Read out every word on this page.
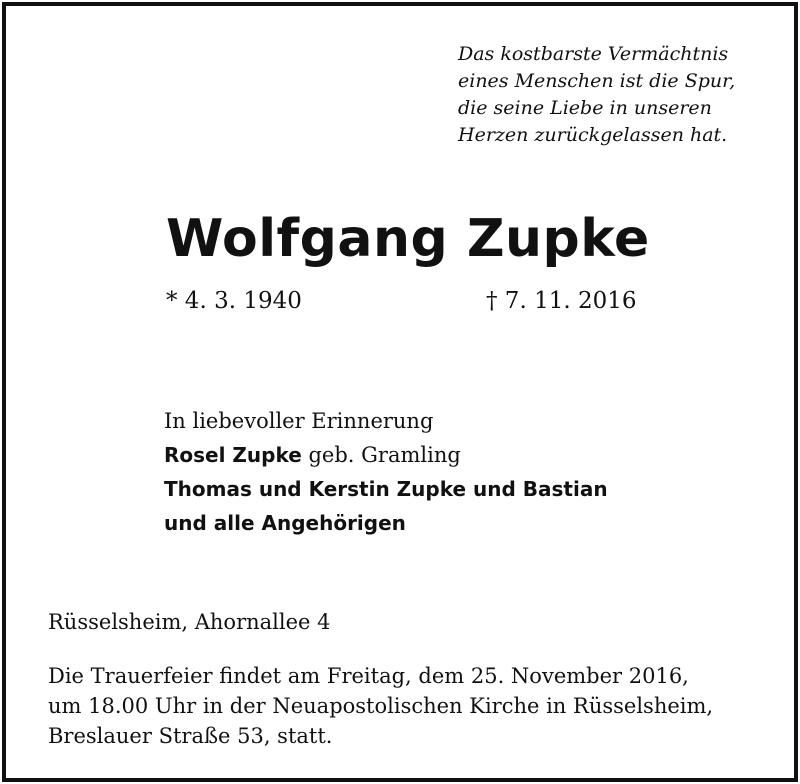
Das kostbarste Vermächtnis
eines Menschen ist die Spur,
die seine Liebe in unseren
Herzen zurückgelassen hat.
Wolfgang Zupke
* 4. 3. 1940	† 7. 11. 2016
In liebevoller Erinnerung
Rosel Zupke geb. Gramling
Thomas und Kerstin Zupke und Bastian
und alle Angehörigen
Rüsselsheim, Ahornallee 4
Die Trauerfeier findet am Freitag, dem 25. November 2016,
um 18.00 Uhr in der Neuapostolischen Kirche in Rüsselsheim,
Breslauer Straße 53, statt.
